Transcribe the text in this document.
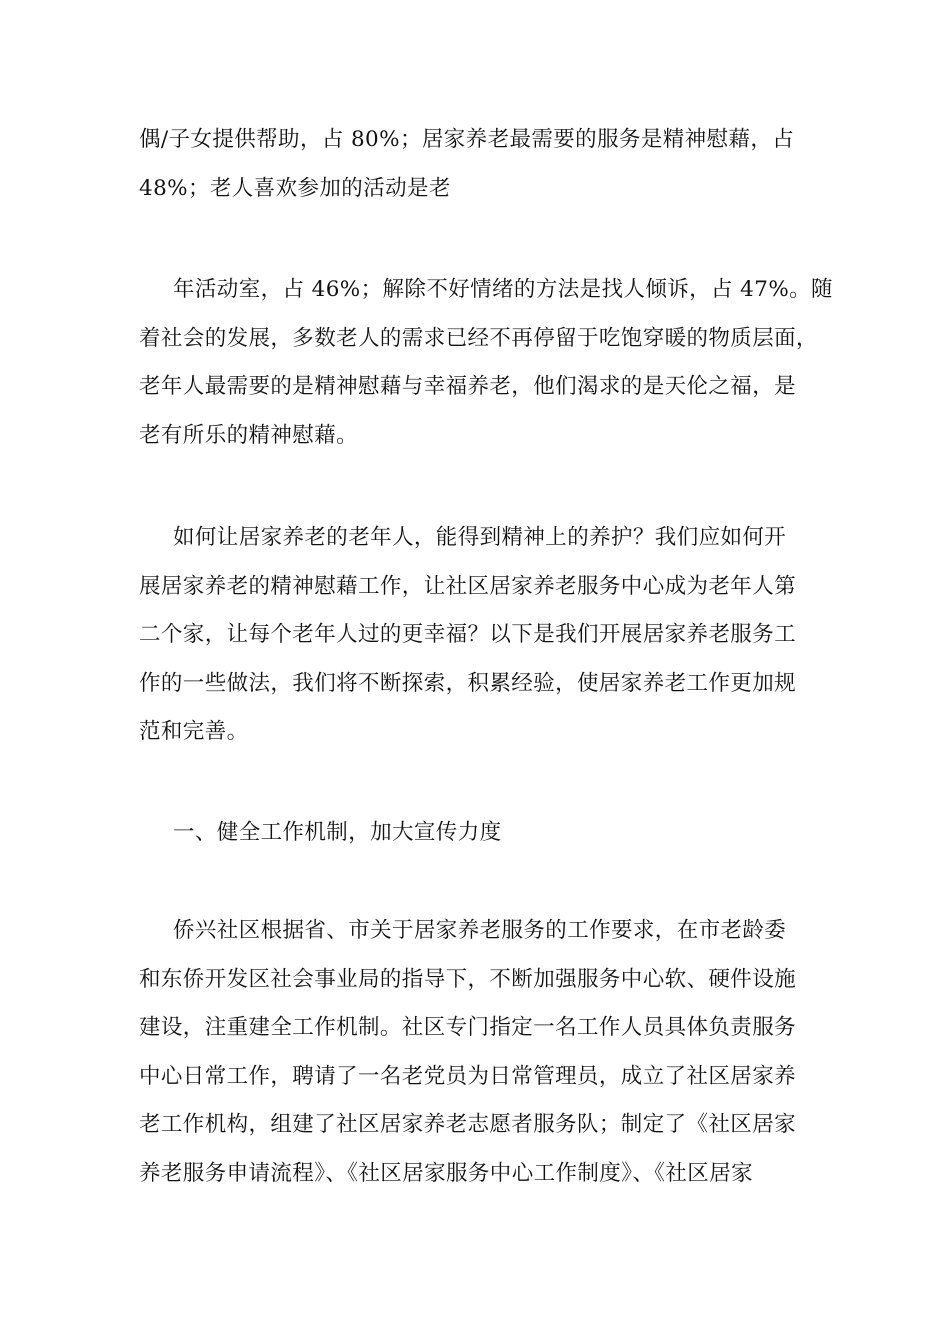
偶/子女提供帮助，占 80%；居家养老最需要的服务是精神慰藉，占
48%；老人喜欢参加的活动是老

年活动室，占 46%；解除不好情绪的方法是找人倾诉，占 47%。随
着社会的发展，多数老人的需求已经不再停留于吃饱穿暖的物质层面，
老年人最需要的是精神慰藉与幸福养老，他们渴求的是天伦之福，是
老有所乐的精神慰藉。

如何让居家养老的老年人，能得到精神上的养护？我们应如何开
展居家养老的精神慰藉工作，让社区居家养老服务中心成为老年人第
二个家，让每个老年人过的更幸福？以下是我们开展居家养老服务工
作的一些做法，我们将不断探索，积累经验，使居家养老工作更加规
范和完善。

一、健全工作机制，加大宣传力度

侨兴社区根据省、市关于居家养老服务的工作要求，在市老龄委
和东侨开发区社会事业局的指导下，不断加强服务中心软、硬件设施
建设，注重建全工作机制。社区专门指定一名工作人员具体负责服务
中心日常工作，聘请了一名老党员为日常管理员，成立了社区居家养
老工作机构，组建了社区居家养老志愿者服务队；制定了《社区居家
养老服务申请流程》、《社区居家服务中心工作制度》、《社区居家
